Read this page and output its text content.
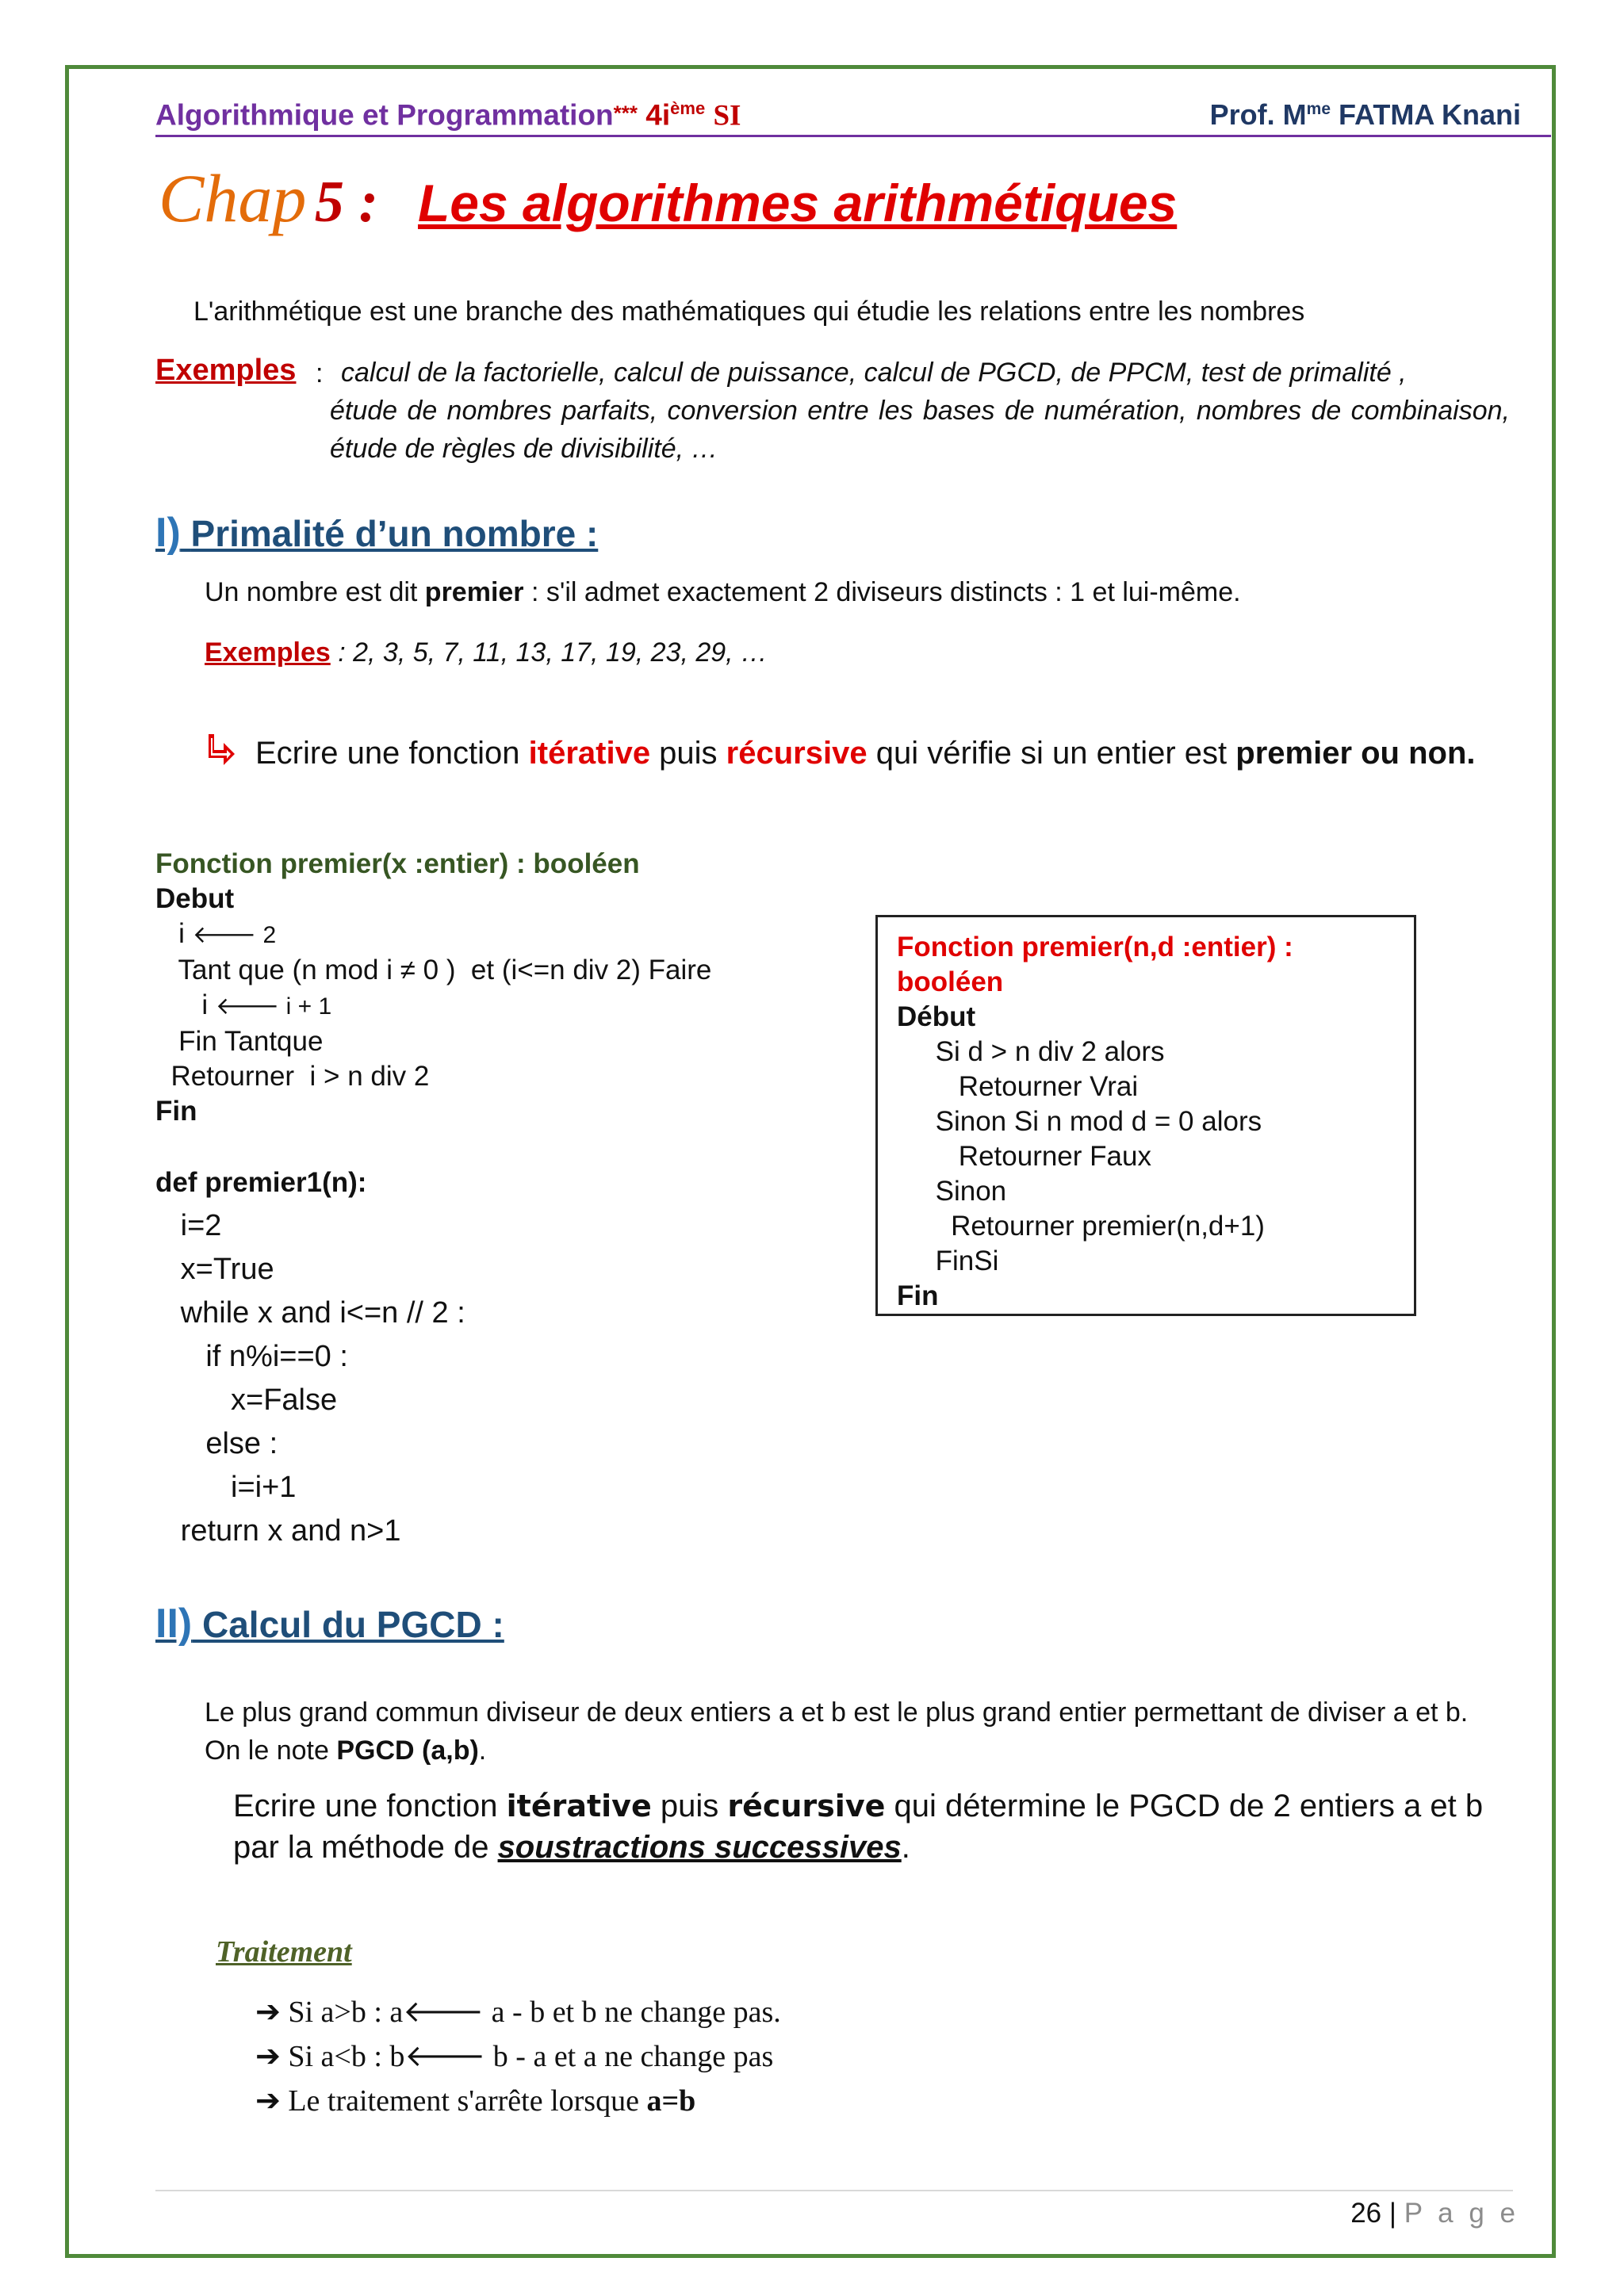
Algorithmique et Programmation*** $4i^{ème}$ SI	Prof. $M^{me}$ FATMA Knani
Chap 5 : Les algorithmes arithmétiques
L'arithmétique est une branche des mathématiques qui étudie les relations entre les nombres
Exemples : calcul de la factorielle, calcul de puissance, calcul de PGCD, de PPCM, test de primalité ,
étude de nombres parfaits, conversion entre les bases de numération, nombres de combinaison, étude de règles de divisibilité, …
I) Primalité d’un nombre :
Un nombre est dit premier : s'il admet exactement 2 diviseurs distincts : 1 et lui-même.
Exemples : 2, 3, 5, 7, 11, 13, 17, 19, 23, 29, …
Ecrire une fonction itérative puis récursive qui vérifie si un entier est premier ou non.
Fonction premier(x :entier) : booléen
Debut
i 🡐 2
Tant que (n mod i ≠ 0 )  et (i<=n div 2) Faire
i 🡐 i + 1
Fin Tantque
Retourner  i > n div 2
Fin
def premier1(n):
i=2
x=True
while x and i<=n // 2 :
if n%i==0 :
x=False
else :
i=i+1
return x and n>1
Fonction premier(n,d :entier) :
booléen
Début
Si d > n div 2 alors
Retourner Vrai
Sinon Si n mod d = 0 alors
Retourner Faux
Sinon
Retourner premier(n,d+1)
FinSi
Fin
II) Calcul du PGCD :
Le plus grand commun diviseur de deux entiers a et b est le plus grand entier permettant de diviser a et b. On le note PGCD (a,b).
Ecrire une fonction itérative puis récursive qui détermine le PGCD de 2 entiers a et b par la méthode de soustractions successives.
Traitement
➔ Si a>b : a🡐 a - b et b ne change pas.
➔ Si a<b : b🡐 b - a et a ne change pas
➔ Le traitement s'arrête lorsque a=b
26 | P a g e
